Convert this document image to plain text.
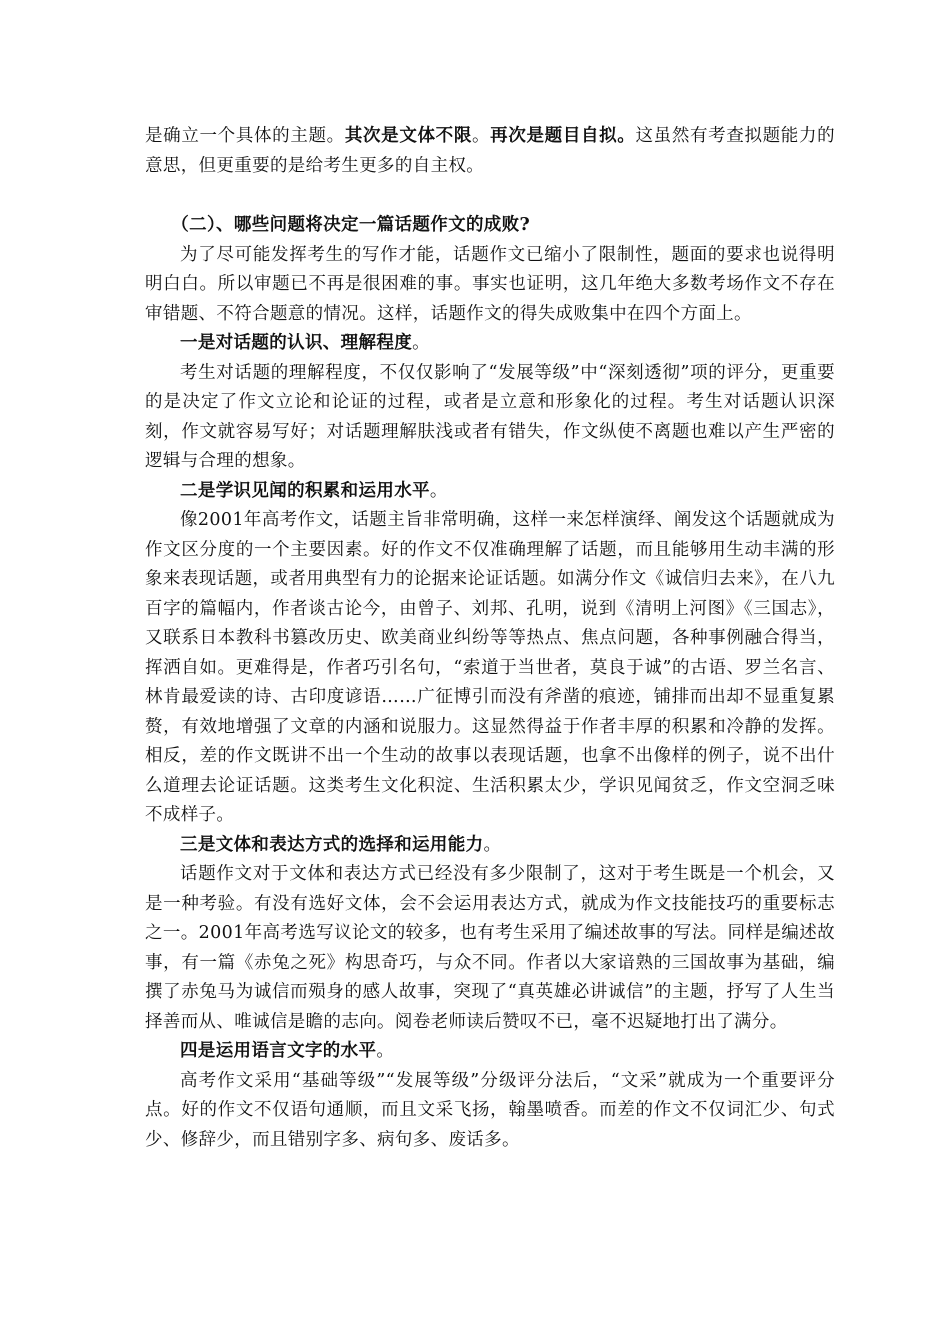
是确立一个具体的主题。其次是文体不限。再次是题目自拟。这虽然有考查拟题能力的意思，但更重要的是给考生更多的自主权。

（二）、哪些问题将决定一篇话题作文的成败?

为了尽可能发挥考生的写作才能，话题作文已缩小了限制性，题面的要求也说得明明白白。所以审题已不再是很困难的事。事实也证明，这几年绝大多数考场作文不存在审错题、不符合题意的情况。这样，话题作文的得失成败集中在四个方面上。

一是对话题的认识、理解程度。

考生对话题的理解程度，不仅仅影响了“发展等级”中“深刻透彻”项的评分，更重要的是决定了作文立论和论证的过程，或者是立意和形象化的过程。考生对话题认识深刻，作文就容易写好；对话题理解肤浅或者有错失，作文纵使不离题也难以产生严密的逻辑与合理的想象。

二是学识见闻的积累和运用水平。

像2001年高考作文，话题主旨非常明确，这样一来怎样演绎、阐发这个话题就成为作文区分度的一个主要因素。好的作文不仅准确理解了话题，而且能够用生动丰满的形象来表现话题，或者用典型有力的论据来论证话题。如满分作文《诚信归去来》，在八九百字的篇幅内，作者谈古论今，由曾子、刘邦、孔明，说到《清明上河图》《三国志》，又联系日本教科书篡改历史、欧美商业纠纷等等热点、焦点问题，各种事例融合得当，挥洒自如。更难得是，作者巧引名句，“索道于当世者，莫良于诚”的古语、罗兰名言、林肯最爱读的诗、古印度谚语……广征博引而没有斧凿的痕迹，铺排而出却不显重复累赘，有效地增强了文章的内涵和说服力。这显然得益于作者丰厚的积累和冷静的发挥。相反，差的作文既讲不出一个生动的故事以表现话题，也拿不出像样的例子，说不出什么道理去论证话题。这类考生文化积淀、生活积累太少，学识见闻贫乏，作文空洞乏味不成样子。

三是文体和表达方式的选择和运用能力。

话题作文对于文体和表达方式已经没有多少限制了，这对于考生既是一个机会，又是一种考验。有没有选好文体，会不会运用表达方式，就成为作文技能技巧的重要标志之一。2001年高考选写议论文的较多，也有考生采用了编述故事的写法。同样是编述故事，有一篇《赤兔之死》构思奇巧，与众不同。作者以大家谙熟的三国故事为基础，编撰了赤兔马为诚信而殒身的感人故事，突现了“真英雄必讲诚信”的主题，抒写了人生当择善而从、唯诚信是瞻的志向。阅卷老师读后赞叹不已，毫不迟疑地打出了满分。

四是运用语言文字的水平。

高考作文采用“基础等级”“发展等级”分级评分法后，“文采”就成为一个重要评分点。好的作文不仅语句通顺，而且文采飞扬，翰墨喷香。而差的作文不仅词汇少、句式少、修辞少，而且错别字多、病句多、废话多。
